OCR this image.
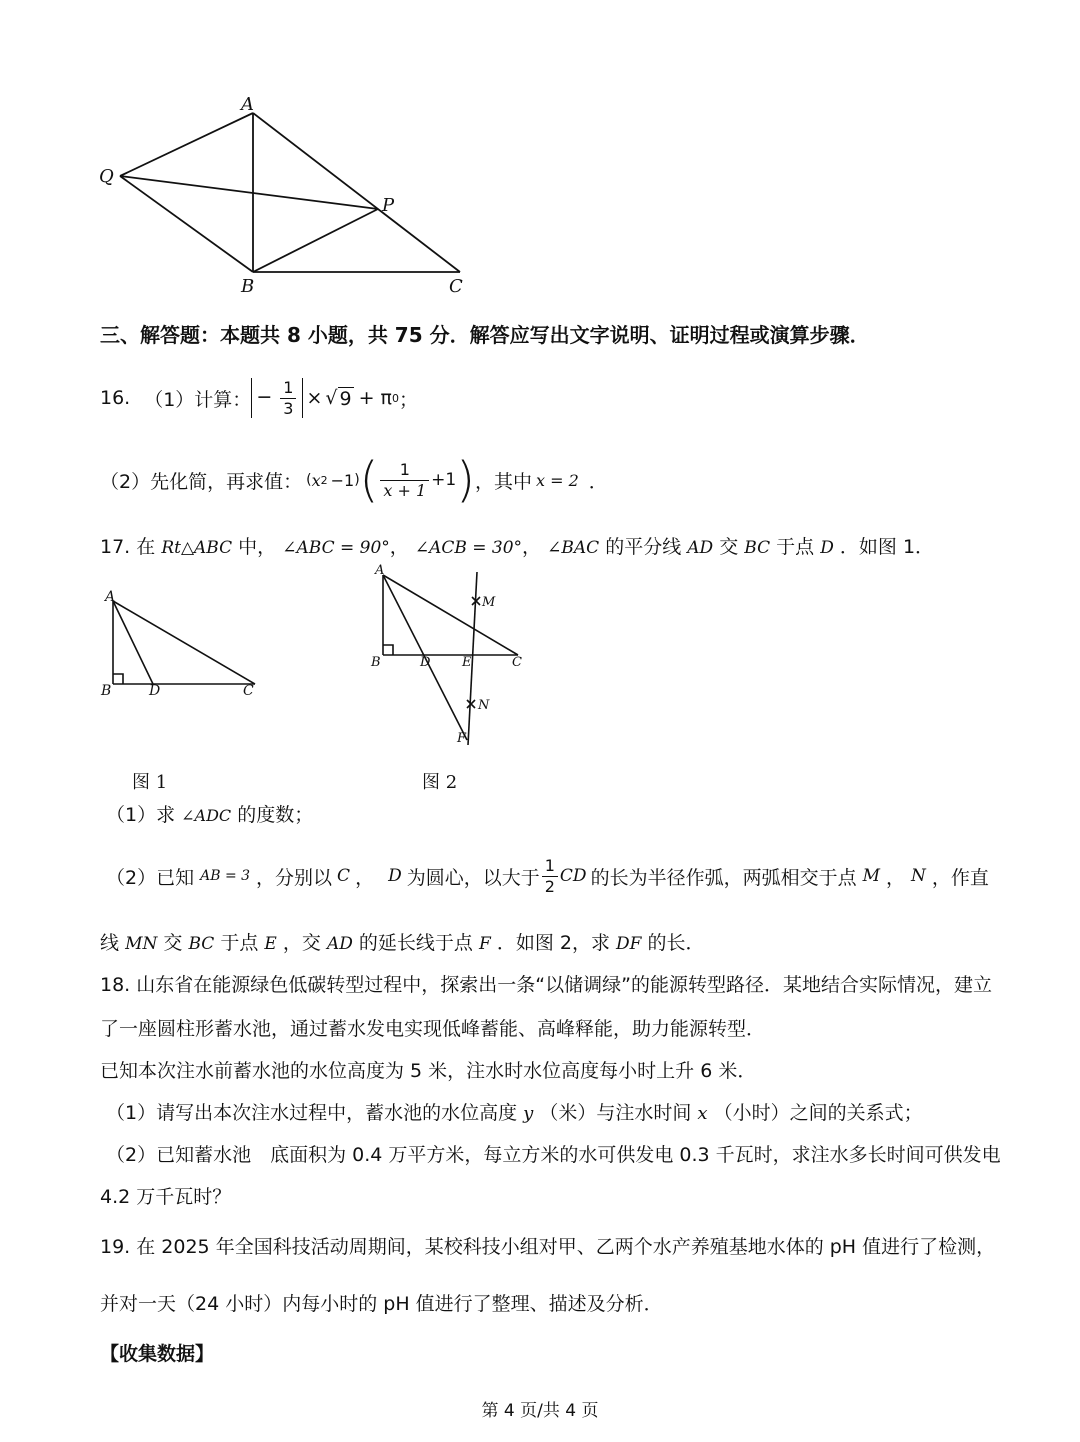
A
Q
P
B	C
三、解答题：本题共 8 小题，共 75 分．解答应写出文字说明、证明过程或演算步骤．
16. （1）计算： − $\frac{1}{3}$ × √ 9 + π 0 ；
（2）先化简，再求值： ( x 2 −1 ) ( $\frac{1}{x + 1} +1$ ) ，其中 x = 2 ．
17. 在 Rt△ABC 中， ∠ABC = 90°， ∠ACB = 30°， ∠BAC 的平分线 AD 交 BC 于点 D ．如图 1．
A
B	D	C
A
B	D E	C
M
N
F
图 1	图 2
（1）求 ∠ADC 的度数；
（2）已知 AB = 3 ，分别以 C ， D 为圆心，以大于 $\frac{1}{2}$ CD 的长为半径作弧，两弧相交于点 M ， N ，作直
线 MN 交 BC 于点 E ，交 AD 的延长线于点 F ．如图 2，求 DF 的长．
18. 山东省在能源绿色低碳转型过程中，探索出一条“以储调绿”的能源转型路径．某地结合实际情况，建立
了一座圆柱形蓄水池，通过蓄水发电实现低峰蓄能、高峰释能，助力能源转型．
已知本次注水前蓄水池的水位高度为 5 米，注水时水位高度每小时上升 6 米．
（1）请写出本次注水过程中，蓄水池的水位高度 y （米）与注水时间 x （小时）之间的关系式；
（2）已知蓄水池　底面积为 0.4 万平方米，每立方米的水可供发电 0.3 千瓦时，求注水多长时间可供发电
4.2 万千瓦时？
19. 在 2025 年全国科技活动周期间，某校科技小组对甲、乙两个水产养殖基地水体的 pH 值进行了检测，
并对一天（24 小时）内每小时的 pH 值进行了整理、描述及分析．
【收集数据】
第 4 页/共 4 页
